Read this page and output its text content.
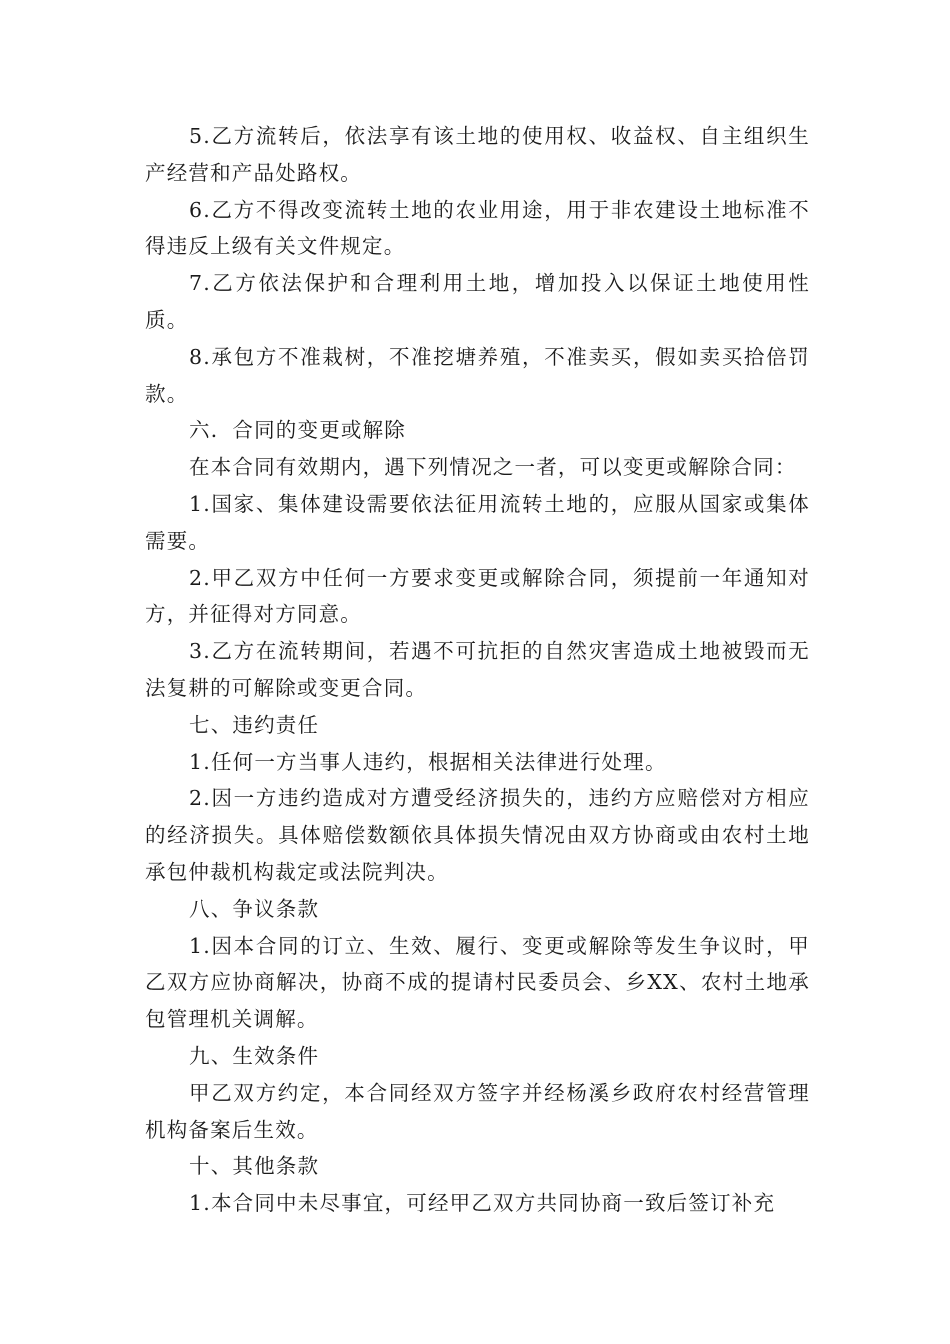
5.乙方流转后，依法享有该土地的使用权、收益权、自主组织生产经营和产品处路权。

6.乙方不得改变流转土地的农业用途，用于非农建设土地标准不得违反上级有关文件规定。

7.乙方依法保护和合理利用土地，增加投入以保证土地使用性质。

8.承包方不准栽树，不准挖塘养殖，不准卖买，假如卖买拾倍罚款。

六．合同的变更或解除

在本合同有效期内，遇下列情况之一者，可以变更或解除合同：

1.国家、集体建设需要依法征用流转土地的，应服从国家或集体需要。

2.甲乙双方中任何一方要求变更或解除合同，须提前一年通知对方，并征得对方同意。

3.乙方在流转期间，若遇不可抗拒的自然灾害造成土地被毁而无法复耕的可解除或变更合同。

七、违约责任

1.任何一方当事人违约，根据相关法律进行处理。

2.因一方违约造成对方遭受经济损失的，违约方应赔偿对方相应的经济损失。具体赔偿数额依具体损失情况由双方协商或由农村土地承包仲裁机构裁定或法院判决。

八、争议条款

1.因本合同的订立、生效、履行、变更或解除等发生争议时，甲乙双方应协商解决，协商不成的提请村民委员会、乡XX、农村土地承包管理机关调解。

九、生效条件

甲乙双方约定，本合同经双方签字并经杨溪乡政府农村经营管理机构备案后生效。

十、其他条款

1.本合同中未尽事宜，可经甲乙双方共同协商一致后签订补充
